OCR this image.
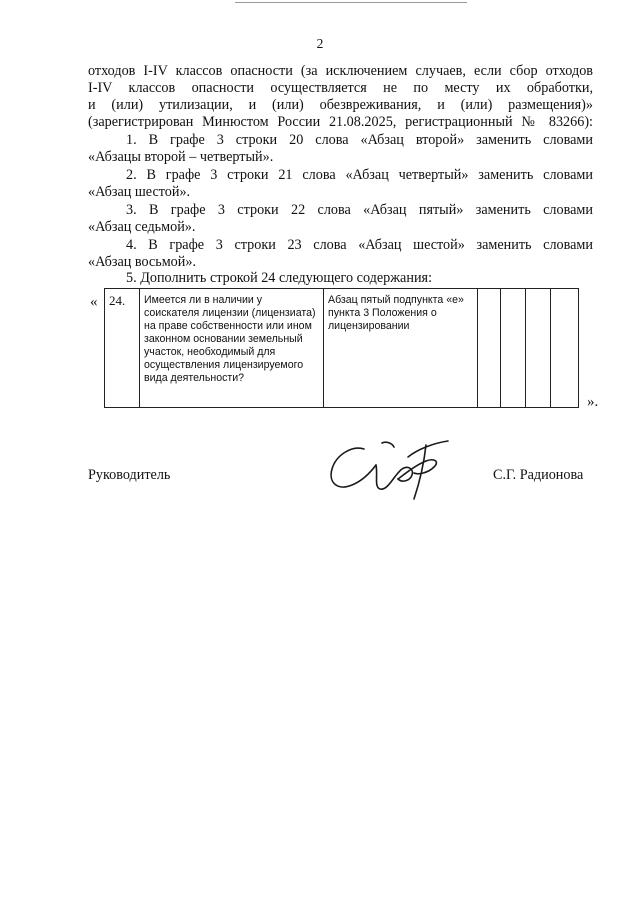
2
отходов I-IV классов опасности (за исключением случаев, если сбор отходов
I-IV классов опасности осуществляется не по месту их обработки,
и (или) утилизации, и (или) обезвреживания, и (или) размещения)»
(зарегистрирован Минюстом России 21.08.2025, регистрационный № 83266):
1. В графе 3 строки 20 слова «Абзац второй» заменить словами
«Абзацы второй – четвертый».
2. В графе 3 строки 21 слова «Абзац четвертый» заменить словами
«Абзац шестой».
3. В графе 3 строки 22 слова «Абзац пятый» заменить словами
«Абзац седьмой».
4. В графе 3 строки 23 слова «Абзац шестой» заменить словами
«Абзац восьмой».
5. Дополнить строкой 24 следующего содержания:
« 24.	Имеется ли в наличии у соискателя лицензии (лицензиата) на праве собственности или ином законном основании земельный участок, необходимый для осуществления лицензируемого вида деятельности?	Абзац пятый подпункта «е» пункта 3 Положения о лицензировании				
».
Руководитель	С.Г. Радионова
